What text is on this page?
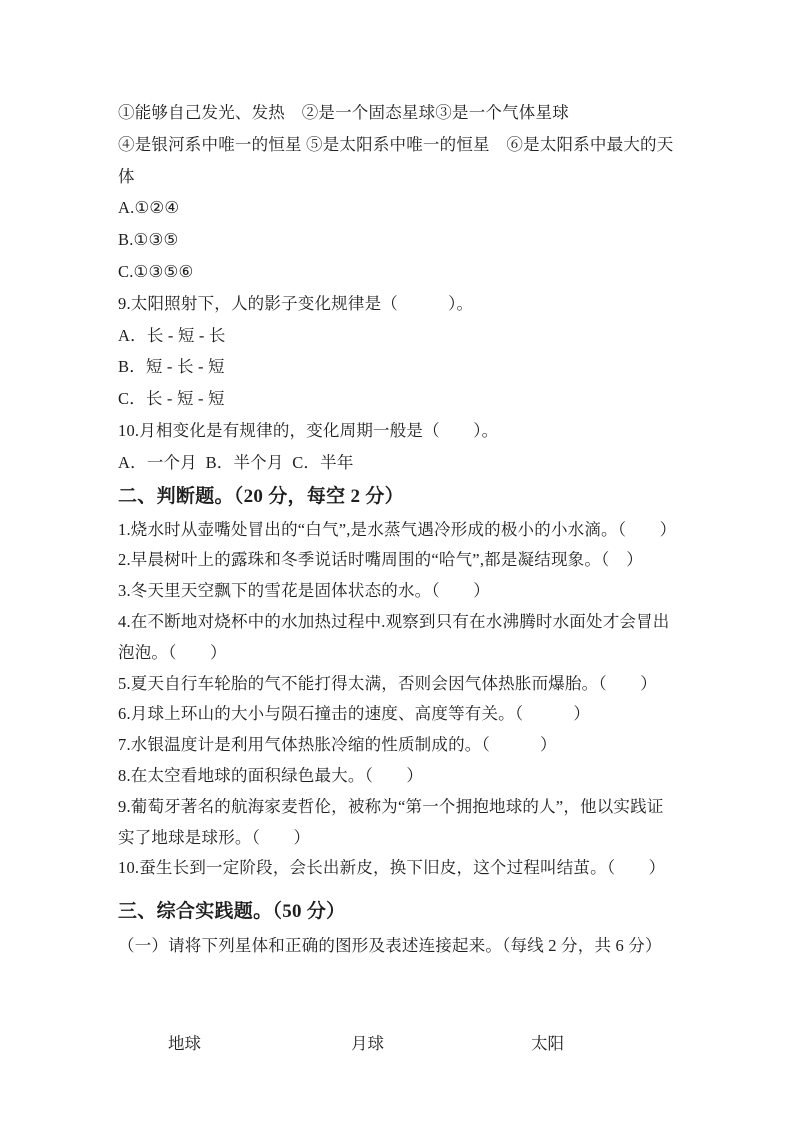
①能够自己发光、发热　②是一个固态星球③是一个气体星球

④是银河系中唯一的恒星 ⑤是太阳系中唯一的恒星　⑥是太阳系中最大的天体

A.①②④

B.①③⑤

C.①③⑤⑥

9.太阳照射下，人的影子变化规律是（　　　）。

A．长 - 短 - 长

B．短 - 长 - 短

C．长 - 短 - 短

10.月相变化是有规律的，变化周期一般是（　　）。

A．一个月  B．半个月  C．半年

二、判断题。（20 分，每空 2 分）

1.烧水时从壶嘴处冒出的“白气”,是水蒸气遇冷形成的极小的小水滴。（　　）

2.早晨树叶上的露珠和冬季说话时嘴周围的“哈气”,都是凝结现象。（　）

3.冬天里天空飘下的雪花是固体状态的水。（　　）

4.在不断地对烧杯中的水加热过程中.观察到只有在水沸腾时水面处才会冒出泡泡。（　　）

5.夏天自行车轮胎的气不能打得太满，否则会因气体热胀而爆胎。（　　）

6.月球上环山的大小与陨石撞击的速度、高度等有关。（　　　）

7.水银温度计是利用气体热胀冷缩的性质制成的。（　　　）

8.在太空看地球的面积绿色最大。（　　）

9.葡萄牙著名的航海家麦哲伦，被称为“第一个拥抱地球的人”，他以实践证实了地球是球形。（　　）

10.蚕生长到一定阶段，会长出新皮，换下旧皮，这个过程叫结茧。（　　）

三、综合实践题。（50 分）

（一）请将下列星体和正确的图形及表述连接起来。（每线 2 分，共 6 分）

地球	月球	太阳
